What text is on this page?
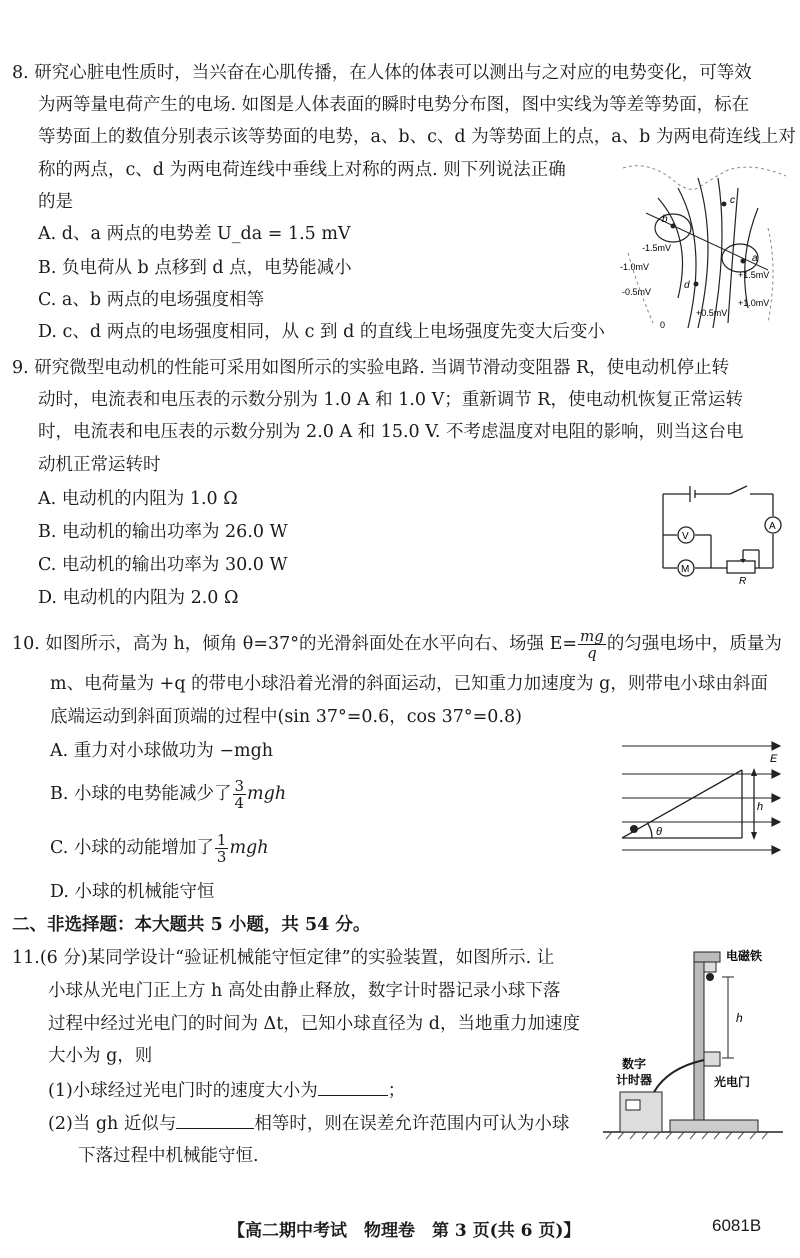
8. 研究心脏电性质时，当兴奋在心肌传播，在人体的体表可以测出与之对应的电势变化，可等效
为两等量电荷产生的电场. 如图是人体表面的瞬时电势分布图，图中实线为等差等势面，标在
等势面上的数值分别表示该等势面的电势，a、b、c、d 为等势面上的点，a、b 为两电荷连线上对
称的两点，c、d 为两电荷连线中垂线上对称的两点. 则下列说法正确
的是
A. d、a 两点的电势差 U_da = 1.5 mV
B. 负电荷从 b 点移到 d 点，电势能减小
C. a、b 两点的电场强度相等
D. c、d 两点的电场强度相同，从 c 到 d 的直线上电场强度先变大后变小
b
c
a
d
-1.5mV
-1.0mV
-0.5mV
+1.5mV
+1.0mV
+0.5mV
0
9. 研究微型电动机的性能可采用如图所示的实验电路. 当调节滑动变阻器 R，使电动机停止转
动时，电流表和电压表的示数分别为 1.0 A 和 1.0 V；重新调节 R，使电动机恢复正常运转
时，电流表和电压表的示数分别为 2.0 A 和 15.0 V. 不考虑温度对电阻的影响，则当这台电
动机正常运转时
A. 电动机的内阻为 1.0 Ω
B. 电动机的输出功率为 26.0 W
C. 电动机的输出功率为 30.0 W
D. 电动机的内阻为 2.0 Ω
V
M
A
R
10. 如图所示，高为 h，倾角 θ=37°的光滑斜面处在水平向右、场强 $E= \frac{mg}{q}$ 的匀强电场中，质量为
m、电荷量为 +q 的带电小球沿着光滑的斜面运动，已知重力加速度为 g，则带电小球由斜面
底端运动到斜面顶端的过程中(sin 37°=0.6，cos 37°=0.8)
A. 重力对小球做功为 −mgh
B. 小球的电势能减少了 $\frac{3}{4}$ mgh
C. 小球的动能增加了 $\frac{1}{3}$ mgh
D. 小球的机械能守恒
E
h
θ
二、非选择题：本大题共 5 小题，共 54 分。
11.(6 分)某同学设计“验证机械能守恒定律”的实验装置，如图所示. 让
小球从光电门正上方 h 高处由静止释放，数字计时器记录小球下落
过程中经过光电门的时间为 Δt，已知小球直径为 d，当地重力加速度
大小为 g，则
(1)小球经过光电门时的速度大小为	；
(2)当 gh 近似与	相等时，则在误差允许范围内可认为小球
下落过程中机械能守恒.
电磁铁
h
数字
计时器	光电门
【高二期中考试　物理卷　第 3 页(共 6 页)】	6081B
